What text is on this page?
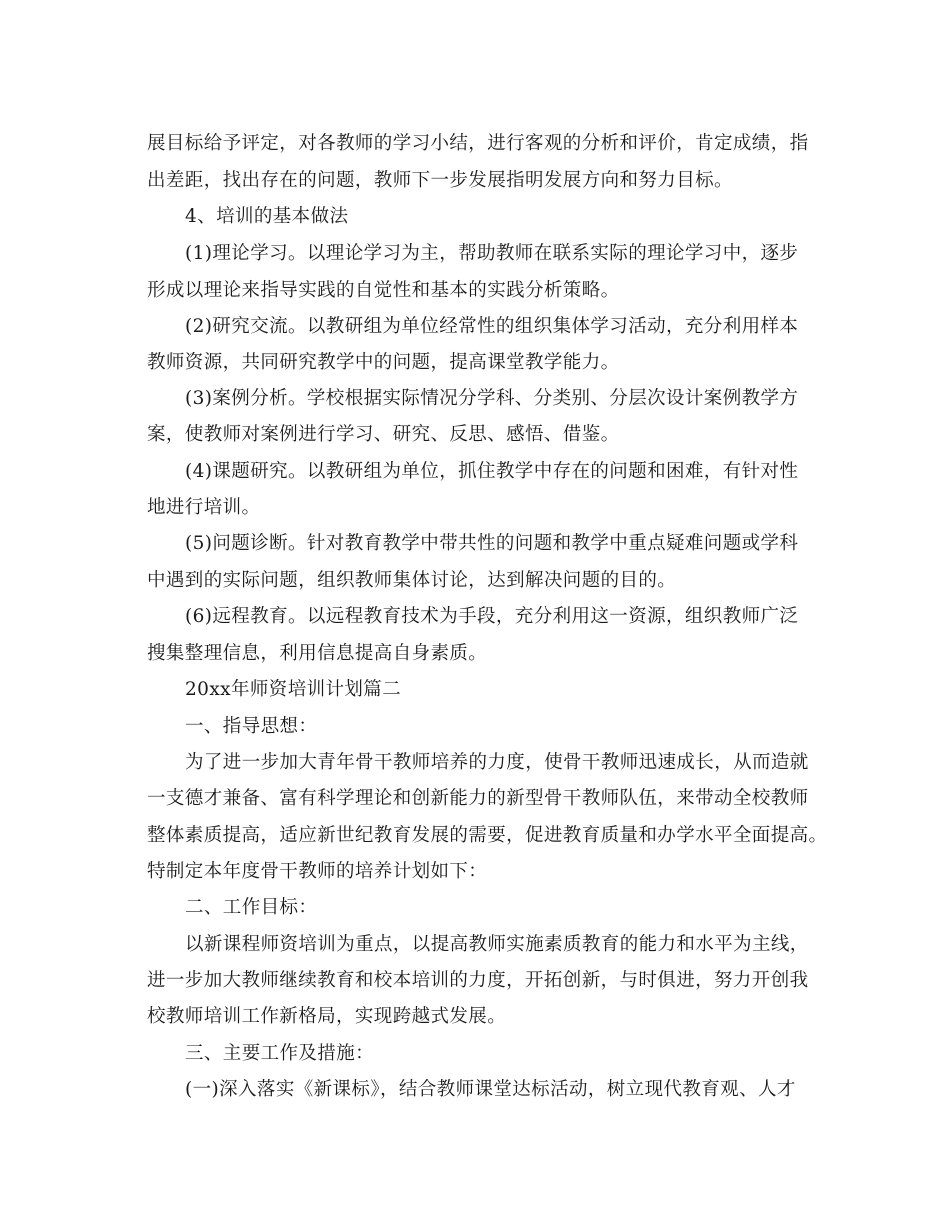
展目标给予评定，对各教师的学习小结，进行客观的分析和评价，肯定成绩，指
出差距，找出存在的问题，教师下一步发展指明发展方向和努力目标。
4、培训的基本做法
(1)理论学习。以理论学习为主，帮助教师在联系实际的理论学习中，逐步
形成以理论来指导实践的自觉性和基本的实践分析策略。
(2)研究交流。以教研组为单位经常性的组织集体学习活动，充分利用样本
教师资源，共同研究教学中的问题，提高课堂教学能力。
(3)案例分析。学校根据实际情况分学科、分类别、分层次设计案例教学方
案，使教师对案例进行学习、研究、反思、感悟、借鉴。
(4)课题研究。以教研组为单位，抓住教学中存在的问题和困难，有针对性
地进行培训。
(5)问题诊断。针对教育教学中带共性的问题和教学中重点疑难问题或学科
中遇到的实际问题，组织教师集体讨论，达到解决问题的目的。
(6)远程教育。以远程教育技术为手段，充分利用这一资源，组织教师广泛
搜集整理信息，利用信息提高自身素质。
20xx年师资培训计划篇二
一、指导思想：
为了进一步加大青年骨干教师培养的力度，使骨干教师迅速成长，从而造就
一支德才兼备、富有科学理论和创新能力的新型骨干教师队伍，来带动全校教师
整体素质提高，适应新世纪教育发展的需要，促进教育质量和办学水平全面提高。
特制定本年度骨干教师的培养计划如下：
二、工作目标：
以新课程师资培训为重点，以提高教师实施素质教育的能力和水平为主线，
进一步加大教师继续教育和校本培训的力度，开拓创新，与时俱进，努力开创我
校教师培训工作新格局，实现跨越式发展。
三、主要工作及措施：
(一)深入落实《新课标》，结合教师课堂达标活动，树立现代教育观、人才
